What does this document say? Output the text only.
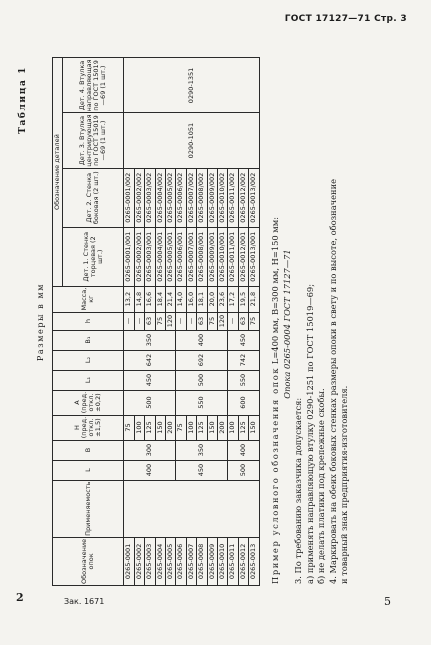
ГОСТ 17127—71 Стр. 3
Таблица 1
Размеры в мм
Обозначение опок	Применяемость	L	B	H (пред. откл. ±1,5)	A (пред. откл. ±0,2)	L₁	L₂	B₁	h	Масса, кг	Обозначение деталей			
											Дет. 1. Стенка торцевая (2 шт.)	Дет. 2. Стенка боковая (2 шт.)	Дет. 3. Втулка центрирующая по ГОСТ 15019—69 (1 шт.)	Дет. 4. Втулка направляющая по ГОСТ 15019—69 (1 шт.)
0265-0001		400	300	75	500	450	642	350	—	13,2	0265-0001/001	0265-0001/002	0290-1051	0290-1351
0265-0002				100					—	14,8	0265-0002/001	0265-0002/002		
0265-0003				125					63	16,6	0265-0003/001	0265-0003/002		
0265-0004				150					75	18,4	0265-0004/001	0265-0004/002		
0265-0005				200					120	21,4	0265-0005/001	0265-0005/002		
0265-0006		450	350	75	550	500	692	400	—	14,0	0265-0006/001	0265-0006/002		
0265-0007				100					—	16,0	0265-0007/001	0265-0007/002		
0265-0008				125					63	18,1	0265-0008/001	0265-0008/002		
0265-0009				150					75	20,0	0265-0009/001	0265-0009/002		
0265-0010				200					120	23,6	0265-0010/001	0265-0010/002		
0265-0011		500	400	100	600	550	742	450	—	17,2	0265-0011/001	0265-0011/002		
0265-0012				125					63	19,5	0265-0012/001	0265-0012/002		
0265-0013				150					75	21,8	0265-0013/001	0265-0013/002		

Пример условного обозначения опок L=400 мм, B=300 мм, H=150 мм: Опока 0265-0004 ГОСТ 17127—71

3. По требованию заказчика допускается: а) применять направляющую втулку 0290-1251 по ГОСТ 15019—69; б) не делать платики под крепежные скобы. 4. Маркировать на обеих боковых стенках размеры опоки в свету и по высоте, обозначение и товарный знак предприятия-изготовителя.

2	Зак. 1671	5
